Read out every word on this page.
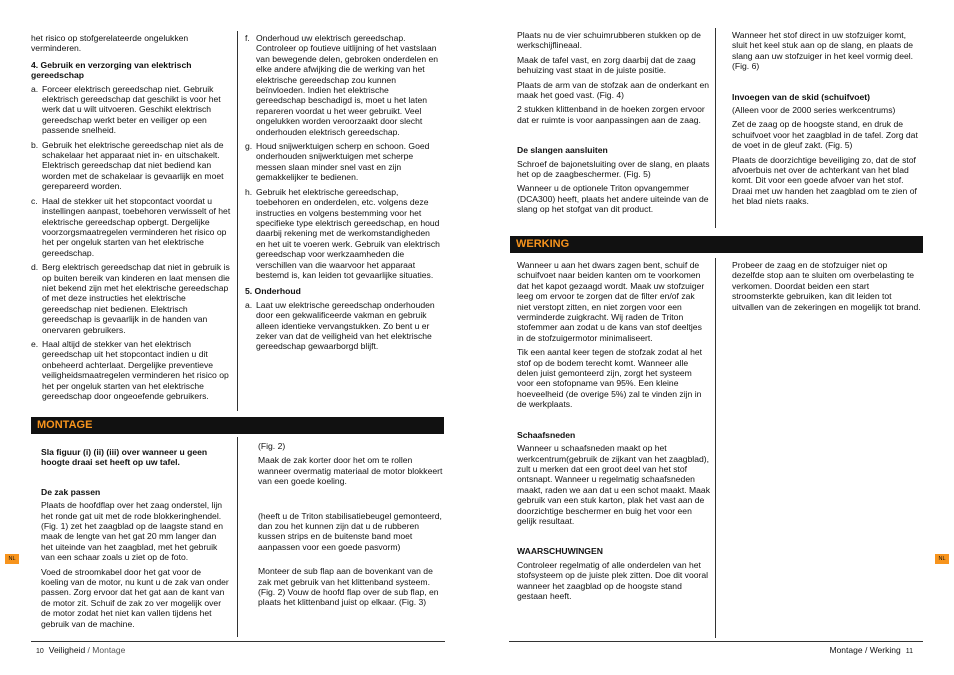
het risico op stofgerelateerde ongelukken verminderen.

4. Gebruik en verzorging van elektrisch gereedschap
a. Forceer elektrisch gereedschap niet. Gebruik elektrisch gereedschap dat geschikt is voor het werk dat u wilt uitvoeren. Geschikt elektrisch gereedschap werkt beter en veiliger op een passende snelheid.
b. Gebruik het elektrische gereedschap niet als de schakelaar het apparaat niet in- en uitschakelt. Elektrisch gereedschap dat niet bediend kan worden met de schakelaar is gevaarlijk en moet gerepareerd worden.
c. Haal de stekker uit het stopcontact voordat u instellingen aanpast, toebehoren verwisselt of het elektrische gereedschap opbergt. Dergelijke voorzorgsmaatregelen verminderen het risico op het per ongeluk starten van het elektrische gereedschap.
d. Berg elektrisch gereedschap dat niet in gebruik is op buiten bereik van kinderen en laat mensen die niet bekend zijn met het elektrische gereedschap of met deze instructies het elektrische gereedschap niet bedienen. Elektrisch gereedschap is gevaarlijk in de handen van onervaren gebruikers.
e. Haal altijd de stekker van het elektrisch gereedschap uit het stopcontact indien u dit onbeheerd achterlaat. Dergelijke preventieve veiligheidsmaatregelen verminderen het risico op het per ongeluk starten van het elektrische gereedschap door ongeoefende gebruikers.
f. Onderhoud uw elektrisch gereedschap. Controleer op foutieve uitlijning of het vastslaan van bewegende delen, gebroken onderdelen en elke andere afwijking die de werking van het elektrische gereedschap zou kunnen beïnvloeden. Indien het elektrische gereedschap beschadigd is, moet u het laten repareren voordat u het weer gebruikt. Veel ongelukken worden veroorzaakt door slecht onderhouden elektrisch gereedschap.
g. Houd snijwerktuigen scherp en schoon. Goed onderhouden snijwerktuigen met scherpe messen slaan minder snel vast en zijn gemakkelijker te bedienen.
h. Gebruik het elektrische gereedschap, toebehoren en onderdelen, etc. volgens deze instructies en volgens bestemming voor het specifieke type elektrisch gereedschap, en houd daarbij rekening met de werkomstandigheden en het uit te voeren werk. Gebruik van elektrisch gereedschap voor werkzaamheden die verschillen van die waarvoor het apparaat bestemd is, kan leiden tot gevaarlijke situaties.
5. Onderhoud
a. Laat uw elektrische gereedschap onderhouden door een gekwalificeerde vakman en gebruik alleen identieke vervangstukken. Zo bent u er zeker van dat de veiligheid van het elektrische gereedschap gewaarborgd blijft.
MONTAGE
Sla figuur (i) (ii) (iii) over wanneer u geen hoogte draai set heeft op uw tafel.
De zak passen

Plaats de hoofdflap over het zaag onderstel, lijn het ronde gat uit met de rode blokkeringhendel. (Fig. 1) zet het zaagblad op de laagste stand en maak de lengte van het gat 20 mm langer dan het uiteinde van het zaagblad, met het gebruik van een schaar zoals u ziet op de foto.

Voed de stroomkabel door het gat voor de koeling van de motor, nu kunt u de zak van onder passen. Zorg ervoor dat het gat aan de kant van de motor zit. Schuif de zak zo ver mogelijk over de motor zodat het niet kan vallen tijdens het gebruik van de machine.

(Fig. 2)

Maak de zak korter door het om te rollen wanneer overmatig materiaal de motor blokkeert van een goede koeling.

(heeft u de Triton stabilisatiebeugel gemonteerd, dan zou het kunnen zijn dat u de rubberen kussen strips en de buitenste band moet aanpassen voor een goede pasvorm)

Monteer de sub flap aan de bovenkant van de zak met gebruik van het klittenband systeem. (Fig. 2) Vouw de hoofd flap over de sub flap, en plaats het klittenband juist op elkaar. (Fig. 3)

10 Veiligheid / Montage
NL

Plaats nu de vier schuimrubberen stukken op de werkschijflineaal.

Maak de tafel vast, en zorg daarbij dat de zaag behuizing vast staat in de juiste positie.

Plaats de arm van de stofzak aan de onderkant en maak het goed vast. (Fig. 4)

2 stukken klittenband in de hoeken zorgen ervoor dat er ruimte is voor aanpassingen aan de zaag.

De slangen aansluiten

Schroef de bajonetsluiting over de slang, en plaats het op de zaagbeschermer. (Fig. 5)

Wanneer u de optionele Triton opvangemmer (DCA300) heeft, plaats het andere uiteinde van de slang op het stofgat van dit product.

Wanneer het stof direct in uw stofzuiger komt, sluit het keel stuk aan op de slang, en plaats de slang aan uw stofzuiger in het keel vormig deel. (Fig. 6)

Invoegen van de skid (schuifvoet)

(Alleen voor de 2000 series werkcentrums)

Zet de zaag op de hoogste stand, en druk de schuifvoet voor het zaagblad in de tafel. Zorg dat de voet in de gleuf zakt. (Fig. 5)

Plaats de doorzichtige beveiliging zo, dat de stof afvoerbuis net over de achterkant van het blad komt. Dit voor een goede afvoer van het stof. Draai met uw handen het zaagblad om te zien of het blad niets raaks.

WERKING

Wanneer u aan het dwars zagen bent, schuif de schuifvoet naar beiden kanten om te voorkomen dat het kapot gezaagd wordt. Maak uw stofzuiger leeg om ervoor te zorgen dat de filter en/of zak niet verstopt zitten, en niet zorgen voor een verminderde zuigkracht. Wij raden de Triton stofemmer aan zodat u de kans van stof deeltjes in de stofzuigermotor minimaliseert.

Tik een aantal keer tegen de stofzak zodat al het stof op de bodem terecht komt. Wanneer alle delen juist gemonteerd zijn, zorgt het systeem voor een stofopname van 95%. Een kleine hoeveelheid (de overige 5%) zal te vinden zijn in de werkplaats.

Schaafsneden

Wanneer u schaafsneden maakt op het werkcentrum(gebruik de zijkant van het zaagblad), zult u merken dat een groot deel van het stof ontsnapt. Wanneer u regelmatig schaafsneden maakt, raden we aan dat u een schot maakt. Maak gebruik van een stuk karton, plak het vast aan de doorzichtige beschermer en buig het voor een gelijk resultaat.

WAARSCHUWINGEN

Controleer regelmatig of alle onderdelen van het stofsysteem op de juiste plek zitten. Doe dit vooral wanneer het zaagblad op de hoogste stand gestaan heeft.

Probeer de zaag en de stofzuiger niet op dezelfde stop aan te sluiten om overbelasting te verkomen. Doordat beiden een start stroomsterkte gebruiken, kan dit leiden tot uitvallen van de zekeringen en mogelijk tot brand.

Montage / Werking 11
NL
